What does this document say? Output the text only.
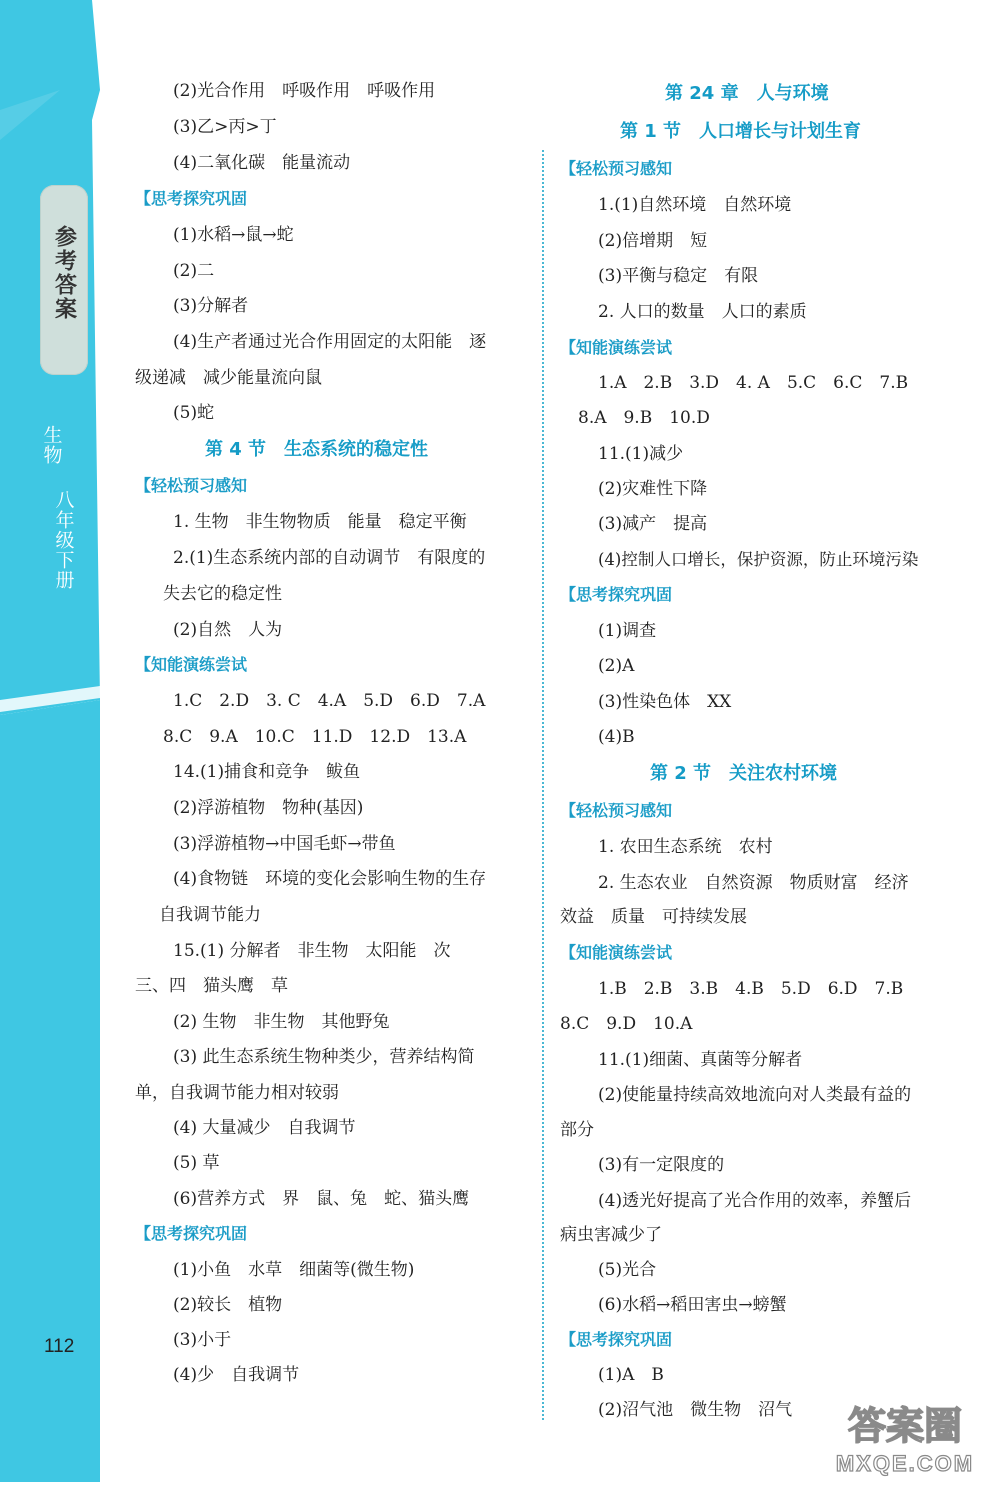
参考答案
生物
八年级下册
112
(2)光合作用　呼吸作用　呼吸作用
(3)乙>丙>丁
(4)二氧化碳　能量流动
【 思考探究巩固
(1)水稻→鼠→蛇
(2)二
(3)分解者
(4)生产者通过光合作用固定的太阳能　逐
级递减　减少能量流向鼠
(5)蛇
第 4 节　生态系统的稳定性
【 轻松预习感知
1. 生物　非生物物质　能量　稳定平衡
2.(1)生态系统内部的自动调节　有限度的
失去它的稳定性
(2)自然　人为
【 知能演练尝试
1.C　2.D　3. C　4.A　5.D　6.D　7.A
8.C　9.A　10.C　11.D　12.D　13.A
14.(1)捕食和竞争　鲅鱼
(2)浮游植物　物种(基因)
(3)浮游植物→中国毛虾→带鱼
(4)食物链　环境的变化会影响生物的生存
自我调节能力
15.(1) 分解者　非生物　太阳能　次
三、四　猫头鹰　草
(2) 生物　非生物　其他野兔
(3) 此生态系统生物种类少，营养结构简
单，自我调节能力相对较弱
(4) 大量减少　自我调节
(5) 草
(6)营养方式　界　鼠、兔　蛇、猫头鹰
【 思考探究巩固
(1)小鱼　水草　细菌等(微生物)
(2)较长　植物
(3)小于
(4)少　自我调节
第 24 章　人与环境
第 1 节　人口增长与计划生育
【 轻松预习感知
1.(1)自然环境　自然环境
(2)倍增期　短
(3)平衡与稳定　有限
2. 人口的数量　人口的素质
【 知能演练尝试
1.A　2.B　3.D　4. A　5.C　6.C　7.B
8.A　9.B　10.D
11.(1)减少
(2)灾难性下降
(3)减产　提高
(4)控制人口增长，保护资源，防止环境污染
【 思考探究巩固
(1)调查
(2)A
(3)性染色体　XX
(4)B
第 2 节　关注农村环境
【 轻松预习感知
1. 农田生态系统　农村
2. 生态农业　自然资源　物质财富　经济
效益　质量　可持续发展
【 知能演练尝试
1.B　2.B　3.B　4.B　5.D　6.D　7.B
8.C　9.D　10.A
11.(1)细菌、真菌等分解者
(2)使能量持续高效地流向对人类最有益的
部分
(3)有一定限度的
(4)透光好提高了光合作用的效率，养蟹后
病虫害减少了
(5)光合
(6)水稻→稻田害虫→螃蟹
【 思考探究巩固
(1)A　B
(2)沼气池　微生物　沼气 答案圈
MXQE.COM
